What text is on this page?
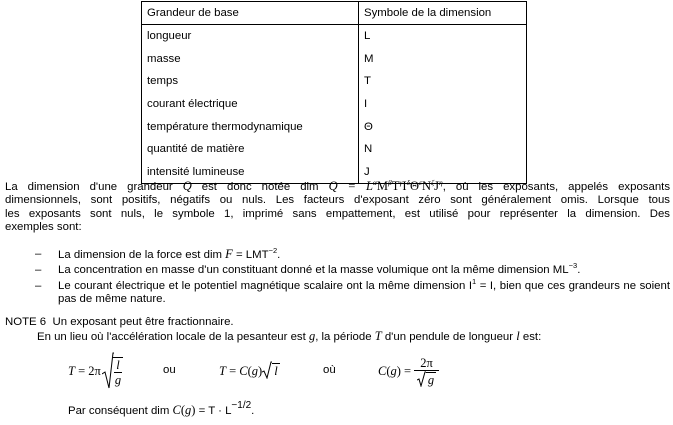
Grandeur de base	Symbole de la dimension
longueur	L
masse	M
temps	T
courant électrique	I
température thermodynamique	Θ
quantité de matière	N
intensité lumineuse	J
La dimension d'une grandeur Q est donc notée dim $Q = L^\alpha M^\beta T^\gamma I^\delta\Theta^\varepsilon N^\zeta J^\eta$, où les exposants, appelés exposants
dimensionnels, sont positifs, négatifs ou nuls. Les facteurs d'exposant zéro sont généralement omis. Lorsque tous
les exposants sont nuls, le symbole 1, imprimé sans empattement, est utilisé pour représenter la dimension. Des
exemples sont:
– La dimension de la force est dim $F = LMT^{-2}$.
– La concentration en masse d'un constituant donné et la masse volumique ont la même dimension $ML^{-3}$.
– Le courant électrique et le potentiel magnétique scalaire ont la même dimension $I^1 = I$, bien que ces grandeurs ne soient pas de même nature.
NOTE 6 Un exposant peut être fractionnaire.
En un lieu où l'accélération locale de la pesanteur est g, la période T d'un pendule de longueur l est:
$T = 2\pi \frac{l}{g}$	ou	T = C ( g ) l	où	C ( g ) = $\frac{2\pi}{g}$
Par conséquent dim $C(g) = T \cdot L^{-1/2}$.
